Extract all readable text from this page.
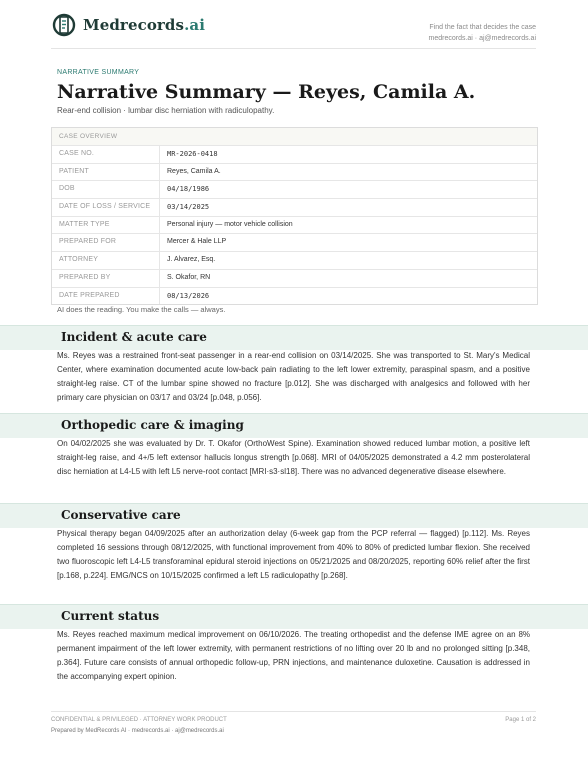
Medrecords.ai	Find the fact that decides the case
medrecords.ai · aj@medrecords.ai
NARRATIVE SUMMARY
Narrative Summary — Reyes, Camila A.
Rear-end collision · lumbar disc herniation with radiculopathy.
CASE OVERVIEW
CASE NO.	MR-2026-0418
PATIENT	Reyes, Camila A.
DOB	04/18/1986
DATE OF LOSS / SERVICE	03/14/2025
MATTER TYPE	Personal injury — motor vehicle collision
PREPARED FOR	Mercer & Hale LLP
ATTORNEY	J. Alvarez, Esq.
PREPARED BY	S. Okafor, RN
DATE PREPARED	08/13/2026
AI does the reading. You make the calls — always.
Incident & acute care
Ms. Reyes was a restrained front-seat passenger in a rear-end collision on 03/14/2025. She was transported to St. Mary's Medical Center, where examination documented acute low-back pain radiating to the left lower extremity, paraspinal spasm, and a positive straight-leg raise. CT of the lumbar spine showed no fracture [p.012]. She was discharged with analgesics and followed with her primary care physician on 03/17 and 03/24 [p.048, p.056].
Orthopedic care & imaging
On 04/02/2025 she was evaluated by Dr. T. Okafor (OrthoWest Spine). Examination showed reduced lumbar motion, a positive left straight-leg raise, and 4+/5 left extensor hallucis longus strength [p.068]. MRI of 04/05/2025 demonstrated a 4.2 mm posterolateral disc herniation at L4-L5 with left L5 nerve-root contact [MRI·s3·sl18]. There was no advanced degenerative disease elsewhere.
Conservative care
Physical therapy began 04/09/2025 after an authorization delay (6-week gap from the PCP referral — flagged) [p.112]. Ms. Reyes completed 16 sessions through 08/12/2025, with functional improvement from 40% to 80% of predicted lumbar flexion. She received two fluoroscopic left L4-L5 transforaminal epidural steroid injections on 05/21/2025 and 08/20/2025, reporting 60% relief after the first [p.168, p.224]. EMG/NCS on 10/15/2025 confirmed a left L5 radiculopathy [p.268].
Current status
Ms. Reyes reached maximum medical improvement on 06/10/2026. The treating orthopedist and the defense IME agree on an 8% permanent impairment of the left lower extremity, with permanent restrictions of no lifting over 20 lb and no prolonged sitting [p.348, p.364]. Future care consists of annual orthopedic follow-up, PRN injections, and maintenance duloxetine. Causation is addressed in the accompanying expert opinion.
CONFIDENTIAL & PRIVILEGED · ATTORNEY WORK PRODUCT
Prepared by MedRecords AI · medrecords.ai · aj@medrecords.ai
Page 1 of 2
